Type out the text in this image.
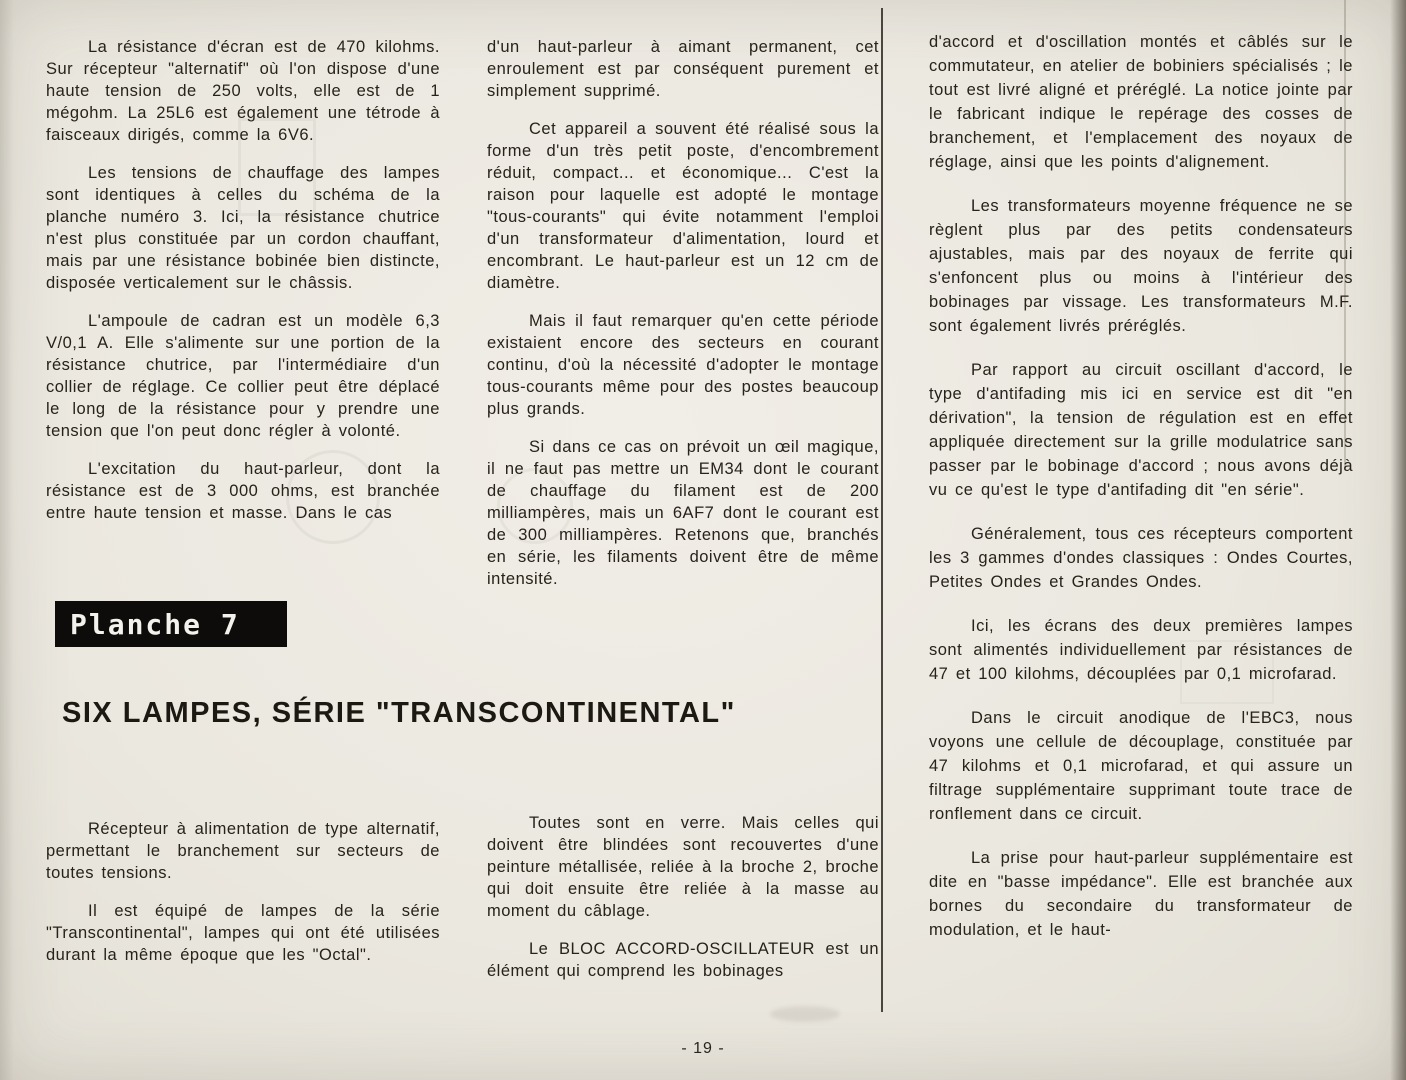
La résistance d'écran est de 470 kilohms. Sur récepteur "alternatif" où l'on dispose d'une haute tension de 250 volts, elle est de 1 mégohm. La 25L6 est également une tétrode à faisceaux dirigés, comme la 6V6.

Les tensions de chauffage des lampes sont identiques à celles du schéma de la planche numéro 3. Ici, la résistance chutrice n'est plus constituée par un cordon chauffant, mais par une résistance bobinée bien distincte, disposée verticalement sur le châssis.

L'ampoule de cadran est un modèle 6,3 V/0,1 A. Elle s'alimente sur une portion de la résistance chutrice, par l'intermédiaire d'un collier de réglage. Ce collier peut être déplacé le long de la résistance pour y prendre une tension que l'on peut donc régler à volonté.

L'excitation du haut-parleur, dont la résistance est de 3 000 ohms, est branchée entre haute tension et masse. Dans le cas

d'un haut-parleur à aimant permanent, cet enroulement est par conséquent purement et simplement supprimé.

Cet appareil a souvent été réalisé sous la forme d'un très petit poste, d'encombrement réduit, compact... et économique... C'est la raison pour laquelle est adopté le montage "tous-courants" qui évite notamment l'emploi d'un transformateur d'alimentation, lourd et encombrant. Le haut-parleur est un 12 cm de diamètre.

Mais il faut remarquer qu'en cette période existaient encore des secteurs en courant continu, d'où la nécessité d'adopter le montage tous-courants même pour des postes beaucoup plus grands.

Si dans ce cas on prévoit un œil magique, il ne faut pas mettre un EM34 dont le courant de chauffage du filament est de 200 milliampères, mais un 6AF7 dont le courant est de 300 milliampères. Retenons que, branchés en série, les filaments doivent être de même intensité.

d'accord et d'oscillation montés et câblés sur le commutateur, en atelier de bobiniers spécialisés ; le tout est livré aligné et préréglé. La notice jointe par le fabricant indique le repérage des cosses de branchement, et l'emplacement des noyaux de réglage, ainsi que les points d'alignement.

Les transformateurs moyenne fréquence ne se règlent plus par des petits condensateurs ajustables, mais par des noyaux de ferrite qui s'enfoncent plus ou moins à l'intérieur des bobinages par vissage. Les transformateurs M.F. sont également livrés préréglés.

Par rapport au circuit oscillant d'accord, le type d'antifading mis ici en service est dit "en dérivation", la tension de régulation est en effet appliquée directement sur la grille modulatrice sans passer par le bobinage d'accord ; nous avons déjà vu ce qu'est le type d'antifading dit "en série".

Généralement, tous ces récepteurs comportent les 3 gammes d'ondes classiques : Ondes Courtes, Petites Ondes et Grandes Ondes.

Ici, les écrans des deux premières lampes sont alimentés individuellement par résistances de 47 et 100 kilohms, découplées par 0,1 microfarad.

Dans le circuit anodique de l'EBC3, nous voyons une cellule de découplage, constituée par 47 kilohms et 0,1 microfarad, et qui assure un filtrage supplémentaire supprimant toute trace de ronflement dans ce circuit.

La prise pour haut-parleur supplémentaire est dite en "basse impédance". Elle est branchée aux bornes du secondaire du transformateur de modulation, et le haut-

Planche 7
SIX LAMPES, SÉRIE "TRANSCONTINENTAL"

Récepteur à alimentation de type alternatif, permettant le branchement sur secteurs de toutes tensions.

Il est équipé de lampes de la série "Transcontinental", lampes qui ont été utilisées durant la même époque que les "Octal".

Toutes sont en verre. Mais celles qui doivent être blindées sont recouvertes d'une peinture métallisée, reliée à la broche 2, broche qui doit ensuite être reliée à la masse au moment du câblage.

Le BLOC ACCORD-OSCILLATEUR est un élément qui comprend les bobinages

- 19 -
